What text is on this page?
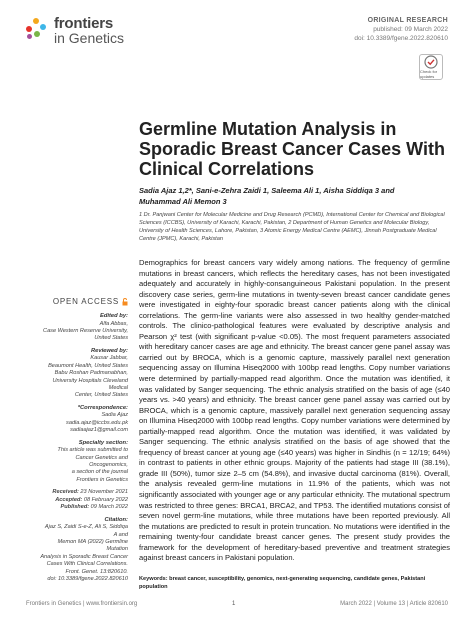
frontiers
in Genetics
ORIGINAL RESEARCH
published: 09 March 2022
doi: 10.3389/fgene.2022.820610
Check for updates
OPEN ACCESS
Edited by:
Alfa Abbas,
Case Western Reserve University,
United States
Reviewed by:
Kausar Jabbar,
Beaumont Health, United States
Babu Roshan Padmanabhan,
University Hospitals Cleveland Medical
Center, United States
*Correspondence:
Sadia Ajaz
sadia.ajaz@iccbs.edu.pk
sadiaajaz1@gmail.com
Specialty section:
This article was submitted to
Cancer Genetics and Oncogenomics,
a section of the journal
Frontiers in Genetics
Received: 23 November 2021
Accepted: 08 February 2022
Published: 09 March 2022
Citation:
Ajaz S, Zaidi S-e-Z, Ali S, Siddiqa A and
Memon MA (2022) Germline Mutation
Analysis in Sporadic Breast Cancer
Cases With Clinical Correlations.
Front. Genet. 13:820610.
doi: 10.3389/fgene.2022.820610
Germline Mutation Analysis in Sporadic Breast Cancer Cases With Clinical Correlations
Sadia Ajaz 1,2*, Sani-e-Zehra Zaidi 1, Saleema Ali 1, Aisha Siddiqa 3 and
Muhammad Ali Memon 3

1 Dr. Panjwani Center for Molecular Medicine and Drug Research (PCMD), International Center for Chemical and Biological Sciences (ICCBS), University of Karachi, Karachi, Pakistan, 2 Department of Human Genetics and Molecular Biology, University of Health Sciences, Lahore, Pakistan, 3 Atomic Energy Medical Centre (AEMC), Jinnah Postgraduate Medical Centre (JPMC), Karachi, Pakistan

Demographics for breast cancers vary widely among nations. The frequency of germline mutations in breast cancers, which reflects the hereditary cases, has not been investigated adequately and accurately in highly-consanguineous Pakistani population. In the present discovery case series, germ-line mutations in twenty-seven breast cancer candidate genes were investigated in eighty-four sporadic breast cancer patients along with the clinical correlations. The germ-line variants were also assessed in two healthy gender-matched controls. The clinico-pathological features were evaluated by descriptive analysis and Pearson χ² test (with significant p-value <0.05). The most frequent parameters associated with hereditary cancer cases are age and ethnicity. The breast cancer gene panel assay was carried out by BROCA, which is a genomic capture, massively parallel next generation sequencing assay on Illumina Hiseq2000 with 100bp read lengths. Copy number variations were determined by partially-mapped read algorithm. Once the mutation was identified, it was validated by Sanger sequencing. The ethnic analysis stratified on the basis of age (≤40 years vs. >40 years) and ethnicity. The breast cancer gene panel assay was carried out by BROCA, which is a genomic capture, massively parallel next generation sequencing assay on Illumina Hiseq2000 with 100bp read lengths. Copy number variations were determined by partially-mapped read algorithm. Once the mutation was identified, it was validated by Sanger sequencing. The ethnic analysis stratified on the basis of age showed that the frequency of breast cancer at young age (≤40 years) was higher in Sindhis (n = 12/19; 64%) in contrast to patients in other ethnic groups. Majority of the patients had stage III (38.1%), grade III (50%), tumor size 2–5 cm (54.8%), and invasive ductal carcinoma (81%). Overall, the analysis revealed germ-line mutations in 11.9% of the patients, which was not significantly associated with younger age or any particular ethnicity. The mutational spectrum was restricted to three genes: BRCA1, BRCA2, and TP53. The identified mutations consist of seven novel germ-line mutations, while three mutations have been reported previously. All the mutations are predicted to result in protein truncation. No mutations were identified in the remaining twenty-four candidate breast cancer genes. The present study provides the framework for the development of hereditary-based preventive and treatment strategies against breast cancers in Pakistani population.

Keywords: breast cancer, susceptibility, genomics, next-generating sequencing, candidate genes, Pakistani population
Frontiers in Genetics | www.frontiersin.org	1	March 2022 | Volume 13 | Article 820610
